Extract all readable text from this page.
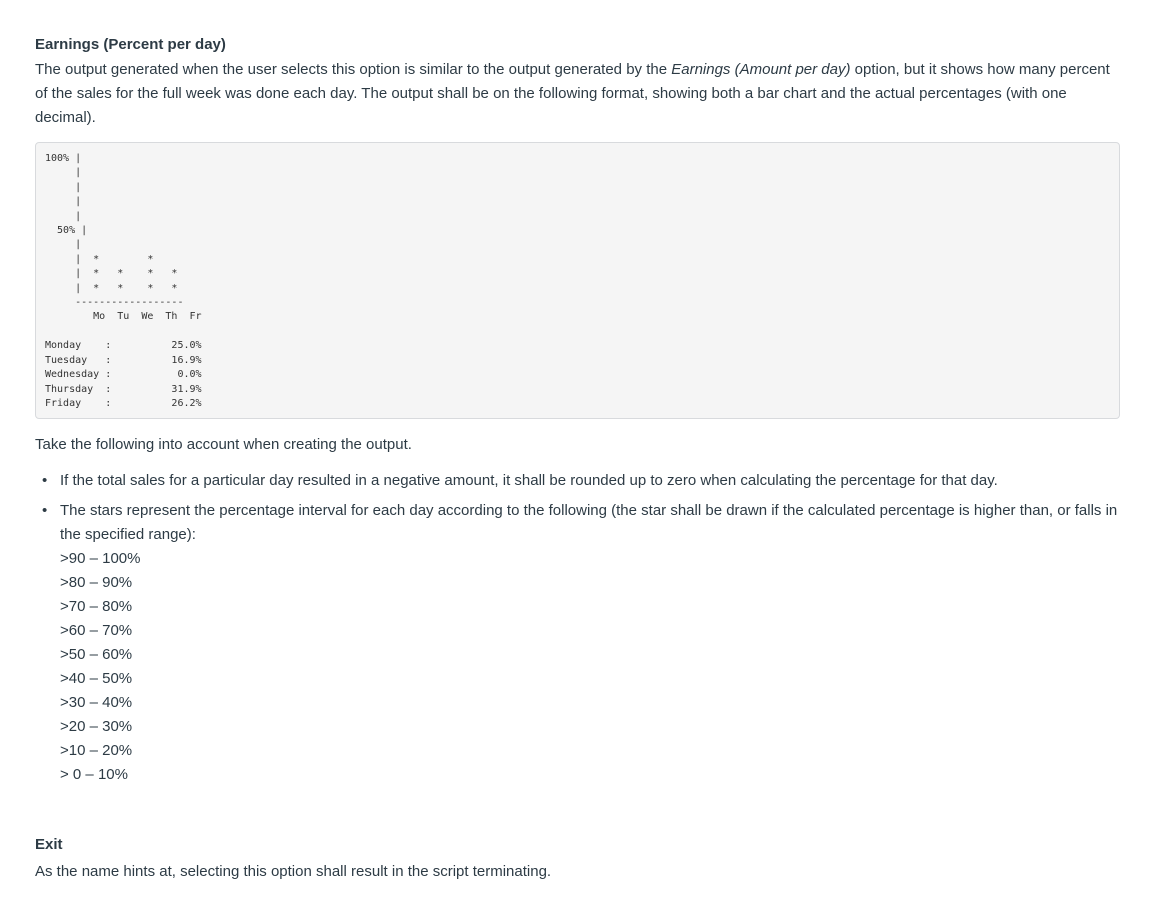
Earnings (Percent per day)

The output generated when the user selects this option is similar to the output generated by the Earnings (Amount per day) option, but it shows how many percent of the sales for the full week was done each day. The output shall be on the following format, showing both a bar chart and the actual percentages (with one decimal).

100% |
|
|
|
|
50% |
|
|  *        *
|  *   *    *   *
|  *   *    *   *
------------------
Mo  Tu  We  Th  Fr

Monday    :          25.0%
Tuesday   :          16.9%
Wednesday :           0.0%
Thursday  :          31.9%
Friday    :          26.2%

Take the following into account when creating the output.

• If the total sales for a particular day resulted in a negative amount, it shall be rounded up to zero when calculating the percentage for that day.
• The stars represent the percentage interval for each day according to the following (the star shall be drawn if the calculated percentage is higher than, or falls in the specified range):
>90 – 100%
>80 – 90%
>70 – 80%
>60 – 70%
>50 – 60%
>40 – 50%
>30 – 40%
>20 – 30%
>10 – 20%
> 0 – 10%
Exit

As the name hints at, selecting this option shall result in the script terminating.
